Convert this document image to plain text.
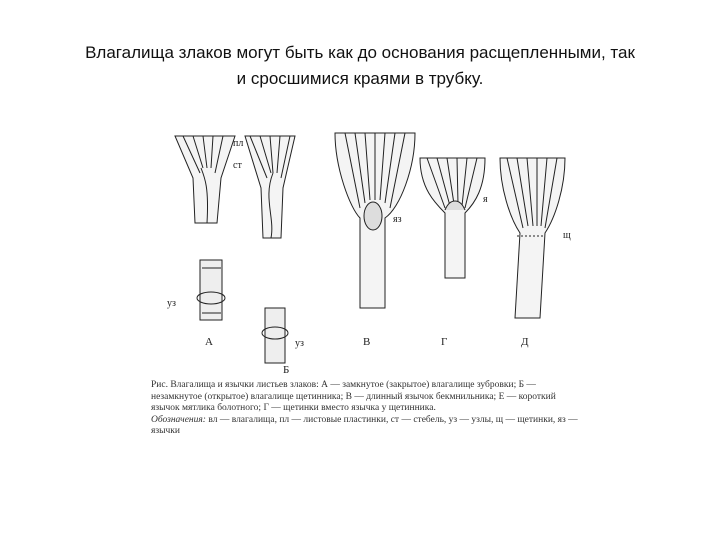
Влагалища злаков могут быть как до основания расщепленными, так
и сросшимися краями в трубку.
пл
ст
уз
уз
яз
я
щ
А
Б
В	Г	Д
Рис. Влагалища и язычки листьев злаков: А — замкнутое (закрытое) влагалище зубровки; Б — незамкнутое (открытое) влагалище щетинника; В — длинный язычок бекмнильника; Е — короткий язычок мятлика болотного; Г — щетинки вместо язычка у щетинника.
Обозначения: вл — влагалища, пл — листовые пластинки, ст — стебель, уз — узлы, щ — щетинки, яз — язычки
